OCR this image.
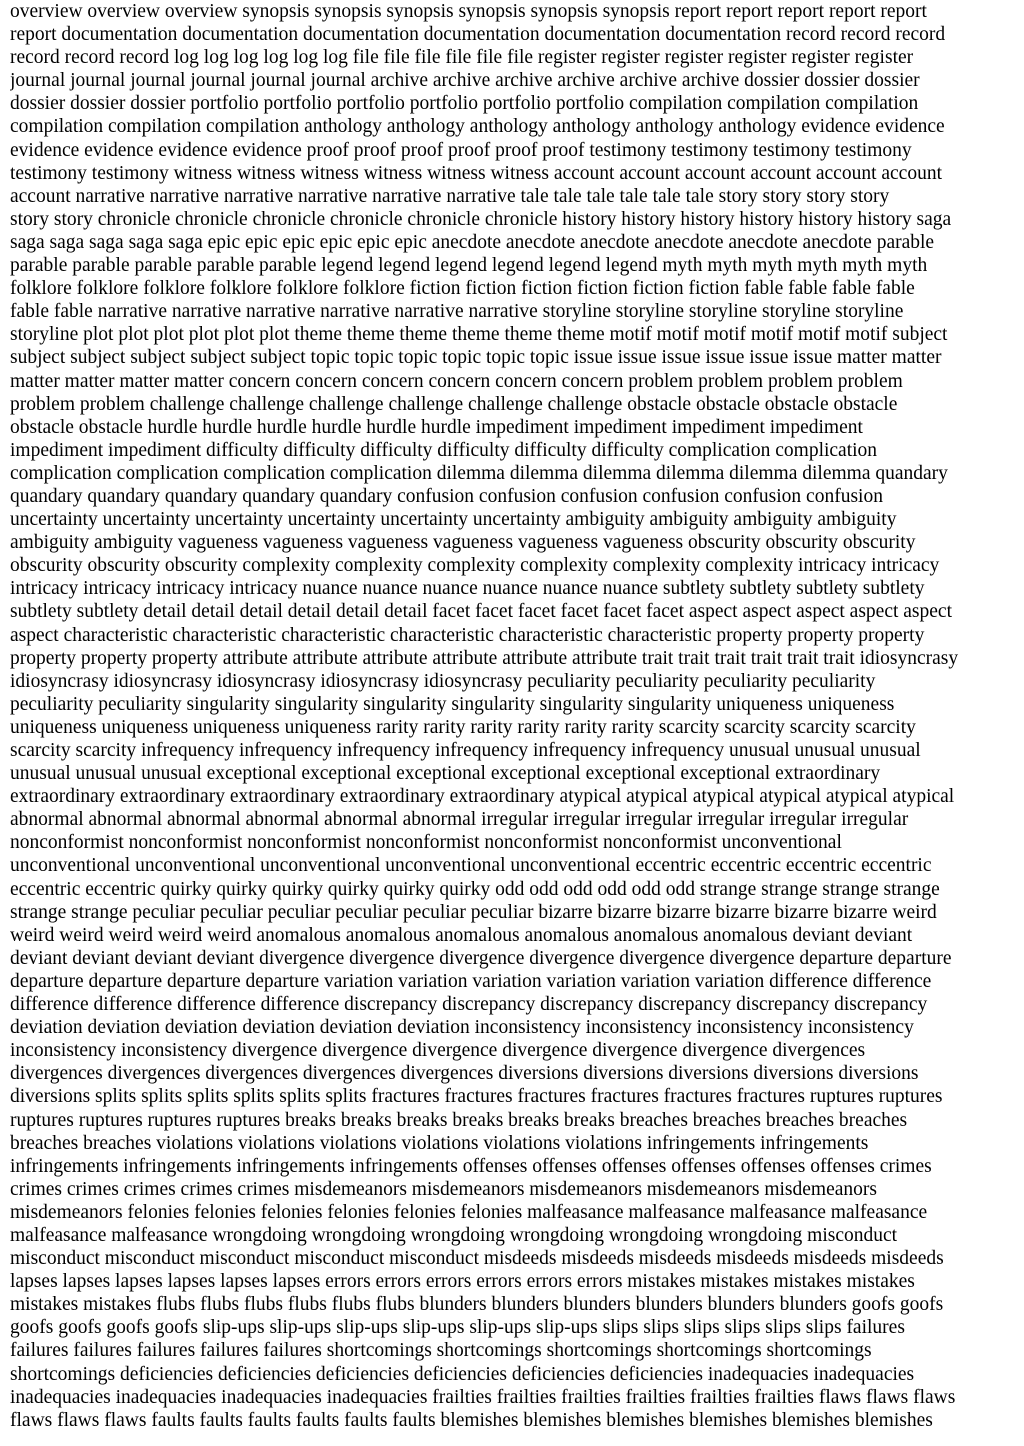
overview overview overview synopsis synopsis synopsis synopsis synopsis synopsis report report report report report
report documentation documentation documentation documentation documentation documentation record record record
record record record log log log log log log file file file file file file register register register register register register
journal journal journal journal journal journal archive archive archive archive archive archive dossier dossier dossier
dossier dossier dossier portfolio portfolio portfolio portfolio portfolio portfolio compilation compilation compilation
compilation compilation compilation anthology anthology anthology anthology anthology anthology evidence evidence
evidence evidence evidence evidence proof proof proof proof proof proof testimony testimony testimony testimony
testimony testimony witness witness witness witness witness witness account account account account account account
account narrative narrative narrative narrative narrative narrative tale tale tale tale tale tale story story story story
story story chronicle chronicle chronicle chronicle chronicle chronicle history history history history history history saga
saga saga saga saga saga epic epic epic epic epic epic anecdote anecdote anecdote anecdote anecdote anecdote parable
parable parable parable parable parable legend legend legend legend legend legend myth myth myth myth myth myth
folklore folklore folklore folklore folklore folklore fiction fiction fiction fiction fiction fiction fable fable fable fable
fable fable narrative narrative narrative narrative narrative narrative storyline storyline storyline storyline storyline
storyline plot plot plot plot plot plot theme theme theme theme theme theme motif motif motif motif motif motif subject
subject subject subject subject subject topic topic topic topic topic topic issue issue issue issue issue issue matter matter
matter matter matter matter concern concern concern concern concern concern problem problem problem problem
problem problem challenge challenge challenge challenge challenge challenge obstacle obstacle obstacle obstacle
obstacle obstacle hurdle hurdle hurdle hurdle hurdle hurdle impediment impediment impediment impediment
impediment impediment difficulty difficulty difficulty difficulty difficulty difficulty complication complication
complication complication complication complication dilemma dilemma dilemma dilemma dilemma dilemma quandary
quandary quandary quandary quandary quandary confusion confusion confusion confusion confusion confusion
uncertainty uncertainty uncertainty uncertainty uncertainty uncertainty ambiguity ambiguity ambiguity ambiguity
ambiguity ambiguity vagueness vagueness vagueness vagueness vagueness vagueness obscurity obscurity obscurity
obscurity obscurity obscurity complexity complexity complexity complexity complexity complexity intricacy intricacy
intricacy intricacy intricacy intricacy nuance nuance nuance nuance nuance nuance subtlety subtlety subtlety subtlety
subtlety subtlety detail detail detail detail detail detail facet facet facet facet facet facet aspect aspect aspect aspect aspect
aspect characteristic characteristic characteristic characteristic characteristic characteristic property property property
property property property attribute attribute attribute attribute attribute attribute trait trait trait trait trait trait idiosyncrasy
idiosyncrasy idiosyncrasy idiosyncrasy idiosyncrasy idiosyncrasy peculiarity peculiarity peculiarity peculiarity
peculiarity peculiarity singularity singularity singularity singularity singularity singularity uniqueness uniqueness
uniqueness uniqueness uniqueness uniqueness rarity rarity rarity rarity rarity rarity scarcity scarcity scarcity scarcity
scarcity scarcity infrequency infrequency infrequency infrequency infrequency infrequency unusual unusual unusual
unusual unusual unusual exceptional exceptional exceptional exceptional exceptional exceptional extraordinary
extraordinary extraordinary extraordinary extraordinary extraordinary atypical atypical atypical atypical atypical atypical
abnormal abnormal abnormal abnormal abnormal abnormal irregular irregular irregular irregular irregular irregular
nonconformist nonconformist nonconformist nonconformist nonconformist nonconformist unconventional
unconventional unconventional unconventional unconventional unconventional eccentric eccentric eccentric eccentric
eccentric eccentric quirky quirky quirky quirky quirky quirky odd odd odd odd odd odd strange strange strange strange
strange strange peculiar peculiar peculiar peculiar peculiar peculiar bizarre bizarre bizarre bizarre bizarre bizarre weird
weird weird weird weird weird anomalous anomalous anomalous anomalous anomalous anomalous deviant deviant
deviant deviant deviant deviant divergence divergence divergence divergence divergence divergence departure departure
departure departure departure departure variation variation variation variation variation variation difference difference
difference difference difference difference discrepancy discrepancy discrepancy discrepancy discrepancy discrepancy
deviation deviation deviation deviation deviation deviation inconsistency inconsistency inconsistency inconsistency
inconsistency inconsistency divergence divergence divergence divergence divergence divergence divergences
divergences divergences divergences divergences divergences diversions diversions diversions diversions diversions
diversions splits splits splits splits splits splits fractures fractures fractures fractures fractures fractures ruptures ruptures
ruptures ruptures ruptures ruptures breaks breaks breaks breaks breaks breaks breaches breaches breaches breaches
breaches breaches violations violations violations violations violations violations infringements infringements
infringements infringements infringements infringements offenses offenses offenses offenses offenses offenses crimes
crimes crimes crimes crimes crimes misdemeanors misdemeanors misdemeanors misdemeanors misdemeanors
misdemeanors felonies felonies felonies felonies felonies felonies malfeasance malfeasance malfeasance malfeasance
malfeasance malfeasance wrongdoing wrongdoing wrongdoing wrongdoing wrongdoing wrongdoing misconduct
misconduct misconduct misconduct misconduct misconduct misdeeds misdeeds misdeeds misdeeds misdeeds misdeeds
lapses lapses lapses lapses lapses lapses errors errors errors errors errors errors mistakes mistakes mistakes mistakes
mistakes mistakes flubs flubs flubs flubs flubs flubs blunders blunders blunders blunders blunders blunders goofs goofs
goofs goofs goofs goofs slip-ups slip-ups slip-ups slip-ups slip-ups slip-ups slips slips slips slips slips slips failures
failures failures failures failures failures shortcomings shortcomings shortcomings shortcomings shortcomings
shortcomings deficiencies deficiencies deficiencies deficiencies deficiencies deficiencies inadequacies inadequacies
inadequacies inadequacies inadequacies inadequacies frailties frailties frailties frailties frailties frailties flaws flaws flaws
flaws flaws flaws faults faults faults faults faults faults blemishes blemishes blemishes blemishes blemishes blemishes
